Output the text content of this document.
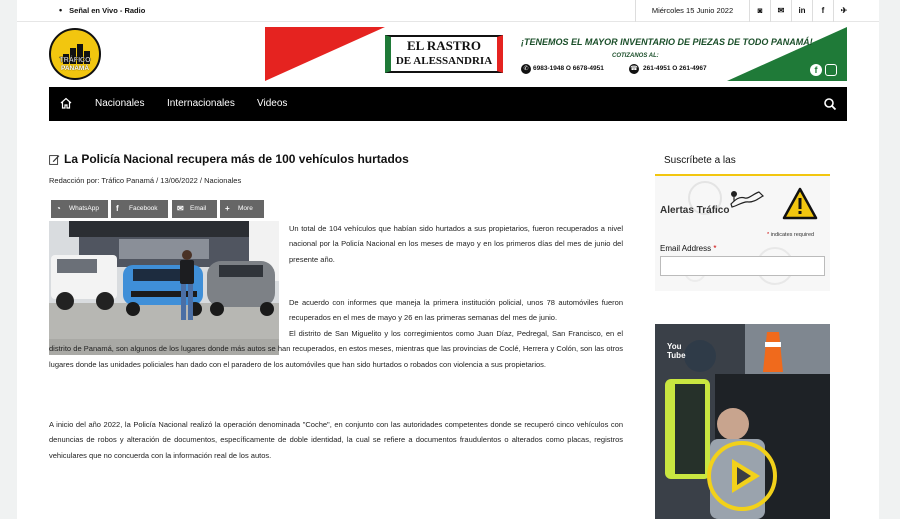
• Señal en Vivo - Radio	Miércoles 15 Junio 2022	◙	✉	in	f	✈
TRÁFICO
PANAMÁ
EL RASTRO
DE ALESSANDRIA
¡TENEMOS EL MAYOR INVENTARIO DE PIEZAS DE TODO PANAMÁ!
COTIZANOS AL:
✆ 6983-1948 O 6678-4951	☎ 261-4951 O 261-4967	f
Nacionales Internacionales Videos
La Policía Nacional recupera más de 100 vehículos hurtados
Redacción por: Tráfico Panamá / 13/06/2022 / Nacionales
◔ WhatsApp	f Facebook	✉ Email	+ More

Un total de 104 vehículos que habían sido hurtados a sus propietarios, fueron recuperados a nivel nacional por la Policía Nacional en los meses de mayo y en los primeros días del mes de junio del presente año.

De acuerdo con informes que maneja la primera institución policial, unos 78 automóviles fueron recuperados en el mes de mayo y 26 en las primeras semanas del mes de junio.

El distrito de San Miguelito y los corregimientos como Juan Díaz, Pedregal, San Francisco, en el distrito de Panamá, son algunos de los lugares donde más autos se han recuperados, en estos meses, mientras que las provincias de Coclé, Herrera y Colón, son las otros lugares donde las unidades policiales han dado con el paradero de los automóviles que han sido hurtados o robados con violencia a sus propietarios.

A inicio del año 2022, la Policía Nacional realizó la operación denominada "Coche", en conjunto con las autoridades competentes donde se recuperó cinco vehículos con denuncias de robos y alteración de documentos, específicamente de doble identidad, la cual se refiere a documentos fraudulentos o alterados como placas, registros vehiculares que no concuerda con la información real de los autos.

Suscríbete a las
Alertas Tráfico
* indicates required
Email Address *
You
Tube
